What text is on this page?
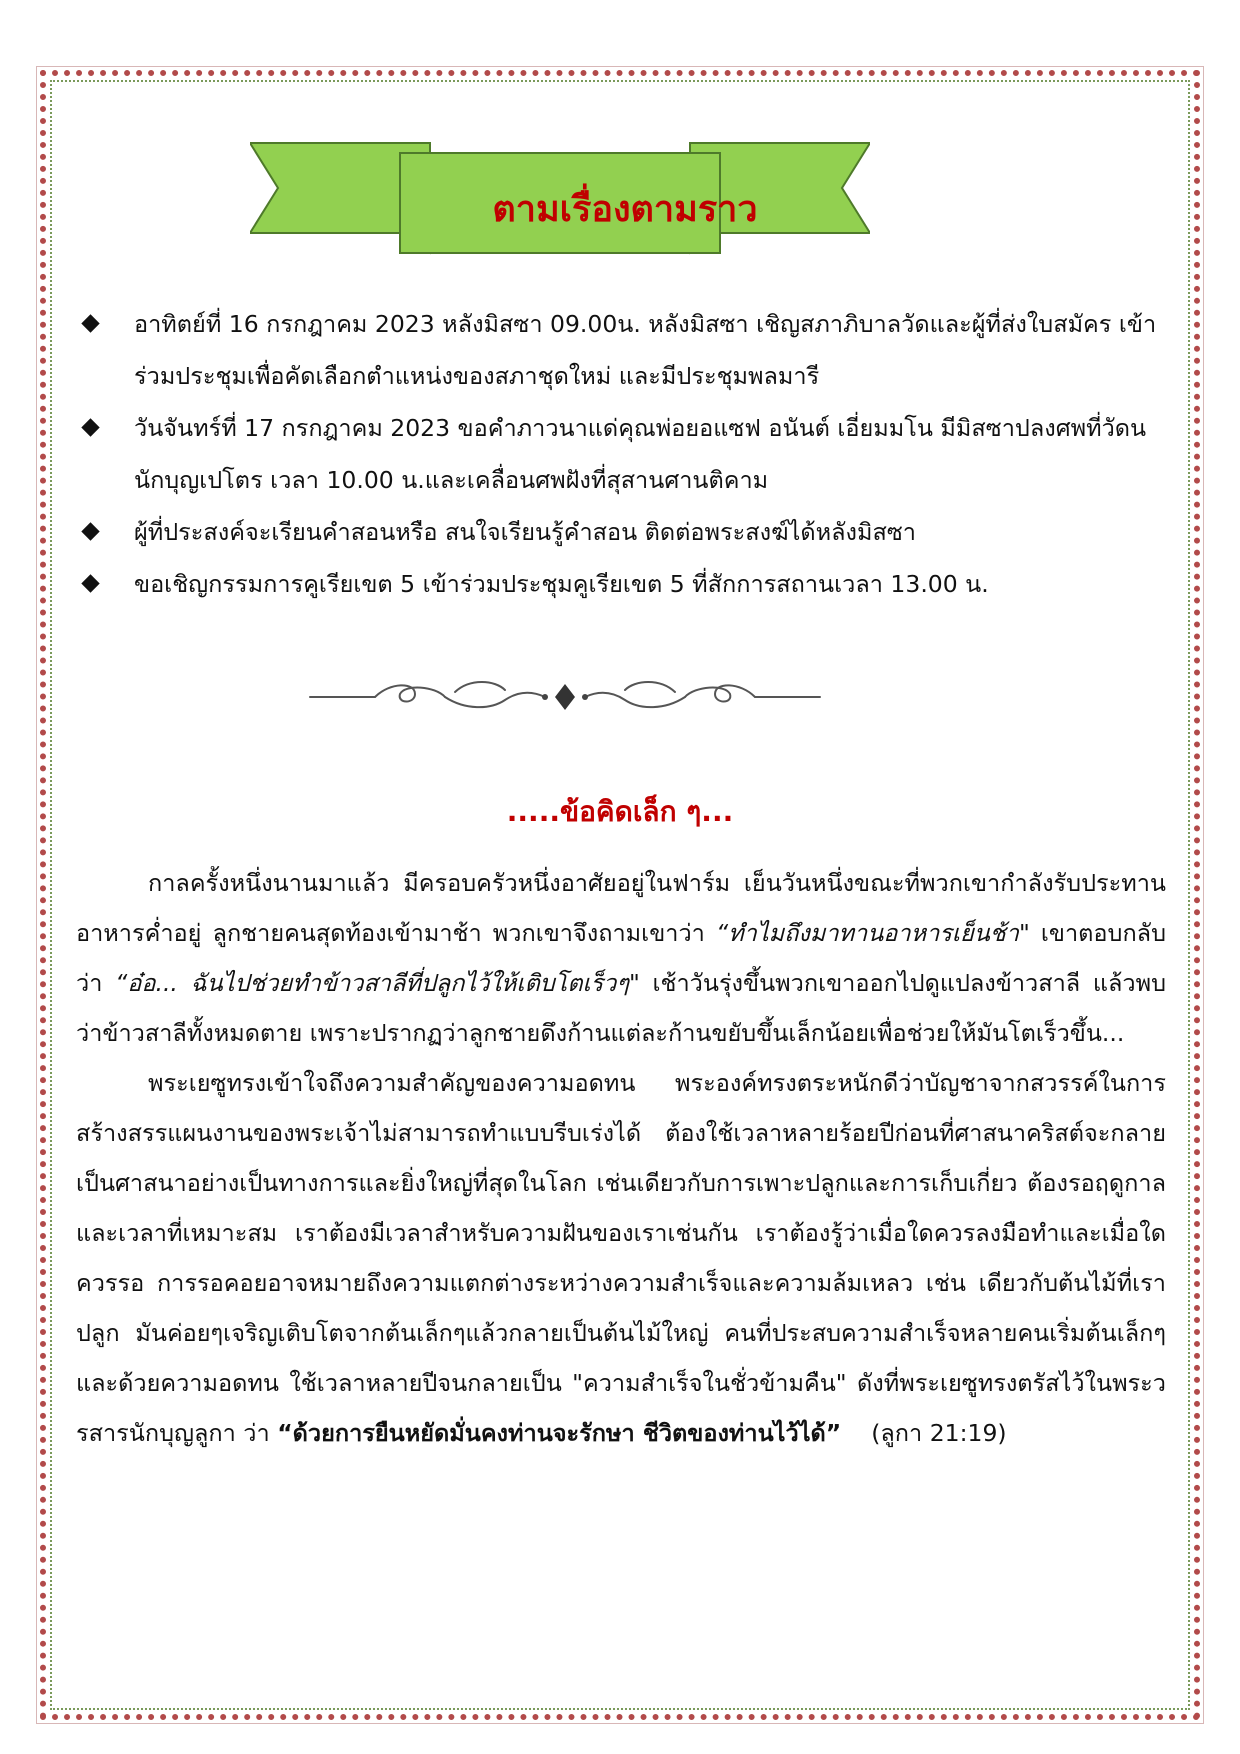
ตามเรื่องตามราว
อาทิตย์ที่ 16 กรกฎาคม 2023 หลังมิสซา 09.00น. หลังมิสซา เชิญสภาภิบาลวัดและผู้ที่ส่งใบสมัคร เข้าร่วมประชุมเพื่อคัดเลือกตำแหน่งของสภาชุดใหม่ และมีประชุมพลมารี
วันจันทร์ที่ 17 กรกฎาคม 2023 ขอคำภาวนาแด่คุณพ่อยอแซฟ อนันต์ เอี่ยมมโน มีมิสซาปลงศพที่วัดนนักบุญเปโตร เวลา 10.00 น.และเคลื่อนศพฝังที่สุสานศานติคาม
ผู้ที่ประสงค์จะเรียนคำสอนหรือ สนใจเรียนรู้คำสอน ติดต่อพระสงฆ์ได้หลังมิสซา
ขอเชิญกรรมการคูเรียเขต 5 เข้าร่วมประชุมคูเรียเขต 5 ที่สักการสถานเวลา 13.00 น.
.....ข้อคิดเล็ก ๆ...

กาลครั้งหนึ่งนานมาแล้ว มีครอบครัวหนึ่งอาศัยอยู่ในฟาร์ม เย็นวันหนึ่งขณะที่พวกเขากำลังรับประทานอาหารค่ำอยู่ ลูกชายคนสุดท้องเข้ามาช้า พวกเขาจึงถามเขาว่า “ทำไมถึงมาทานอาหารเย็นช้า" เขาตอบกลับว่า “อ๋อ... ฉันไปช่วยทำข้าวสาลีที่ปลูกไว้ให้เติบโตเร็วๆ" เช้าวันรุ่งขึ้นพวกเขาออกไปดูแปลงข้าวสาลี แล้วพบว่าข้าวสาลีทั้งหมดตาย เพราะปรากฏว่าลูกชายดึงก้านแต่ละก้านขยับขึ้นเล็กน้อยเพื่อช่วยให้มันโตเร็วขึ้น...

พระเยซูทรงเข้าใจถึงความสำคัญของความอดทน พระองค์ทรงตระหนักดีว่าบัญชาจากสวรรค์ในการสร้างสรรแผนงานของพระเจ้าไม่สามารถทำแบบรีบเร่งได้ ต้องใช้เวลาหลายร้อยปีก่อนที่ศาสนาคริสต์จะกลายเป็นศาสนาอย่างเป็นทางการและยิ่งใหญ่ที่สุดในโลก เช่นเดียวกับการเพาะปลูกและการเก็บเกี่ยว ต้องรอฤดูกาลและเวลาที่เหมาะสม เราต้องมีเวลาสำหรับความฝันของเราเช่นกัน เราต้องรู้ว่าเมื่อใดควรลงมือทำและเมื่อใดควรรอ การรอคอยอาจหมายถึงความแตกต่างระหว่างความสำเร็จและความล้มเหลว เช่น เดียวกับต้นไม้ที่เราปลูก มันค่อยๆเจริญเติบโตจากต้นเล็กๆแล้วกลายเป็นต้นไม้ใหญ่ คนที่ประสบความสำเร็จหลายคนเริ่มต้นเล็กๆ และด้วยความอดทน ใช้เวลาหลายปีจนกลายเป็น "ความสำเร็จในชั่วข้ามคืน" ดังที่พระเยซูทรงตรัสไว้ในพระวรสารนักบุญลูกา ว่า “ด้วยการยืนหยัดมั่นคงท่านจะรักษา ชีวิตของท่านไว้ได้” (ลูกา 21:19)
